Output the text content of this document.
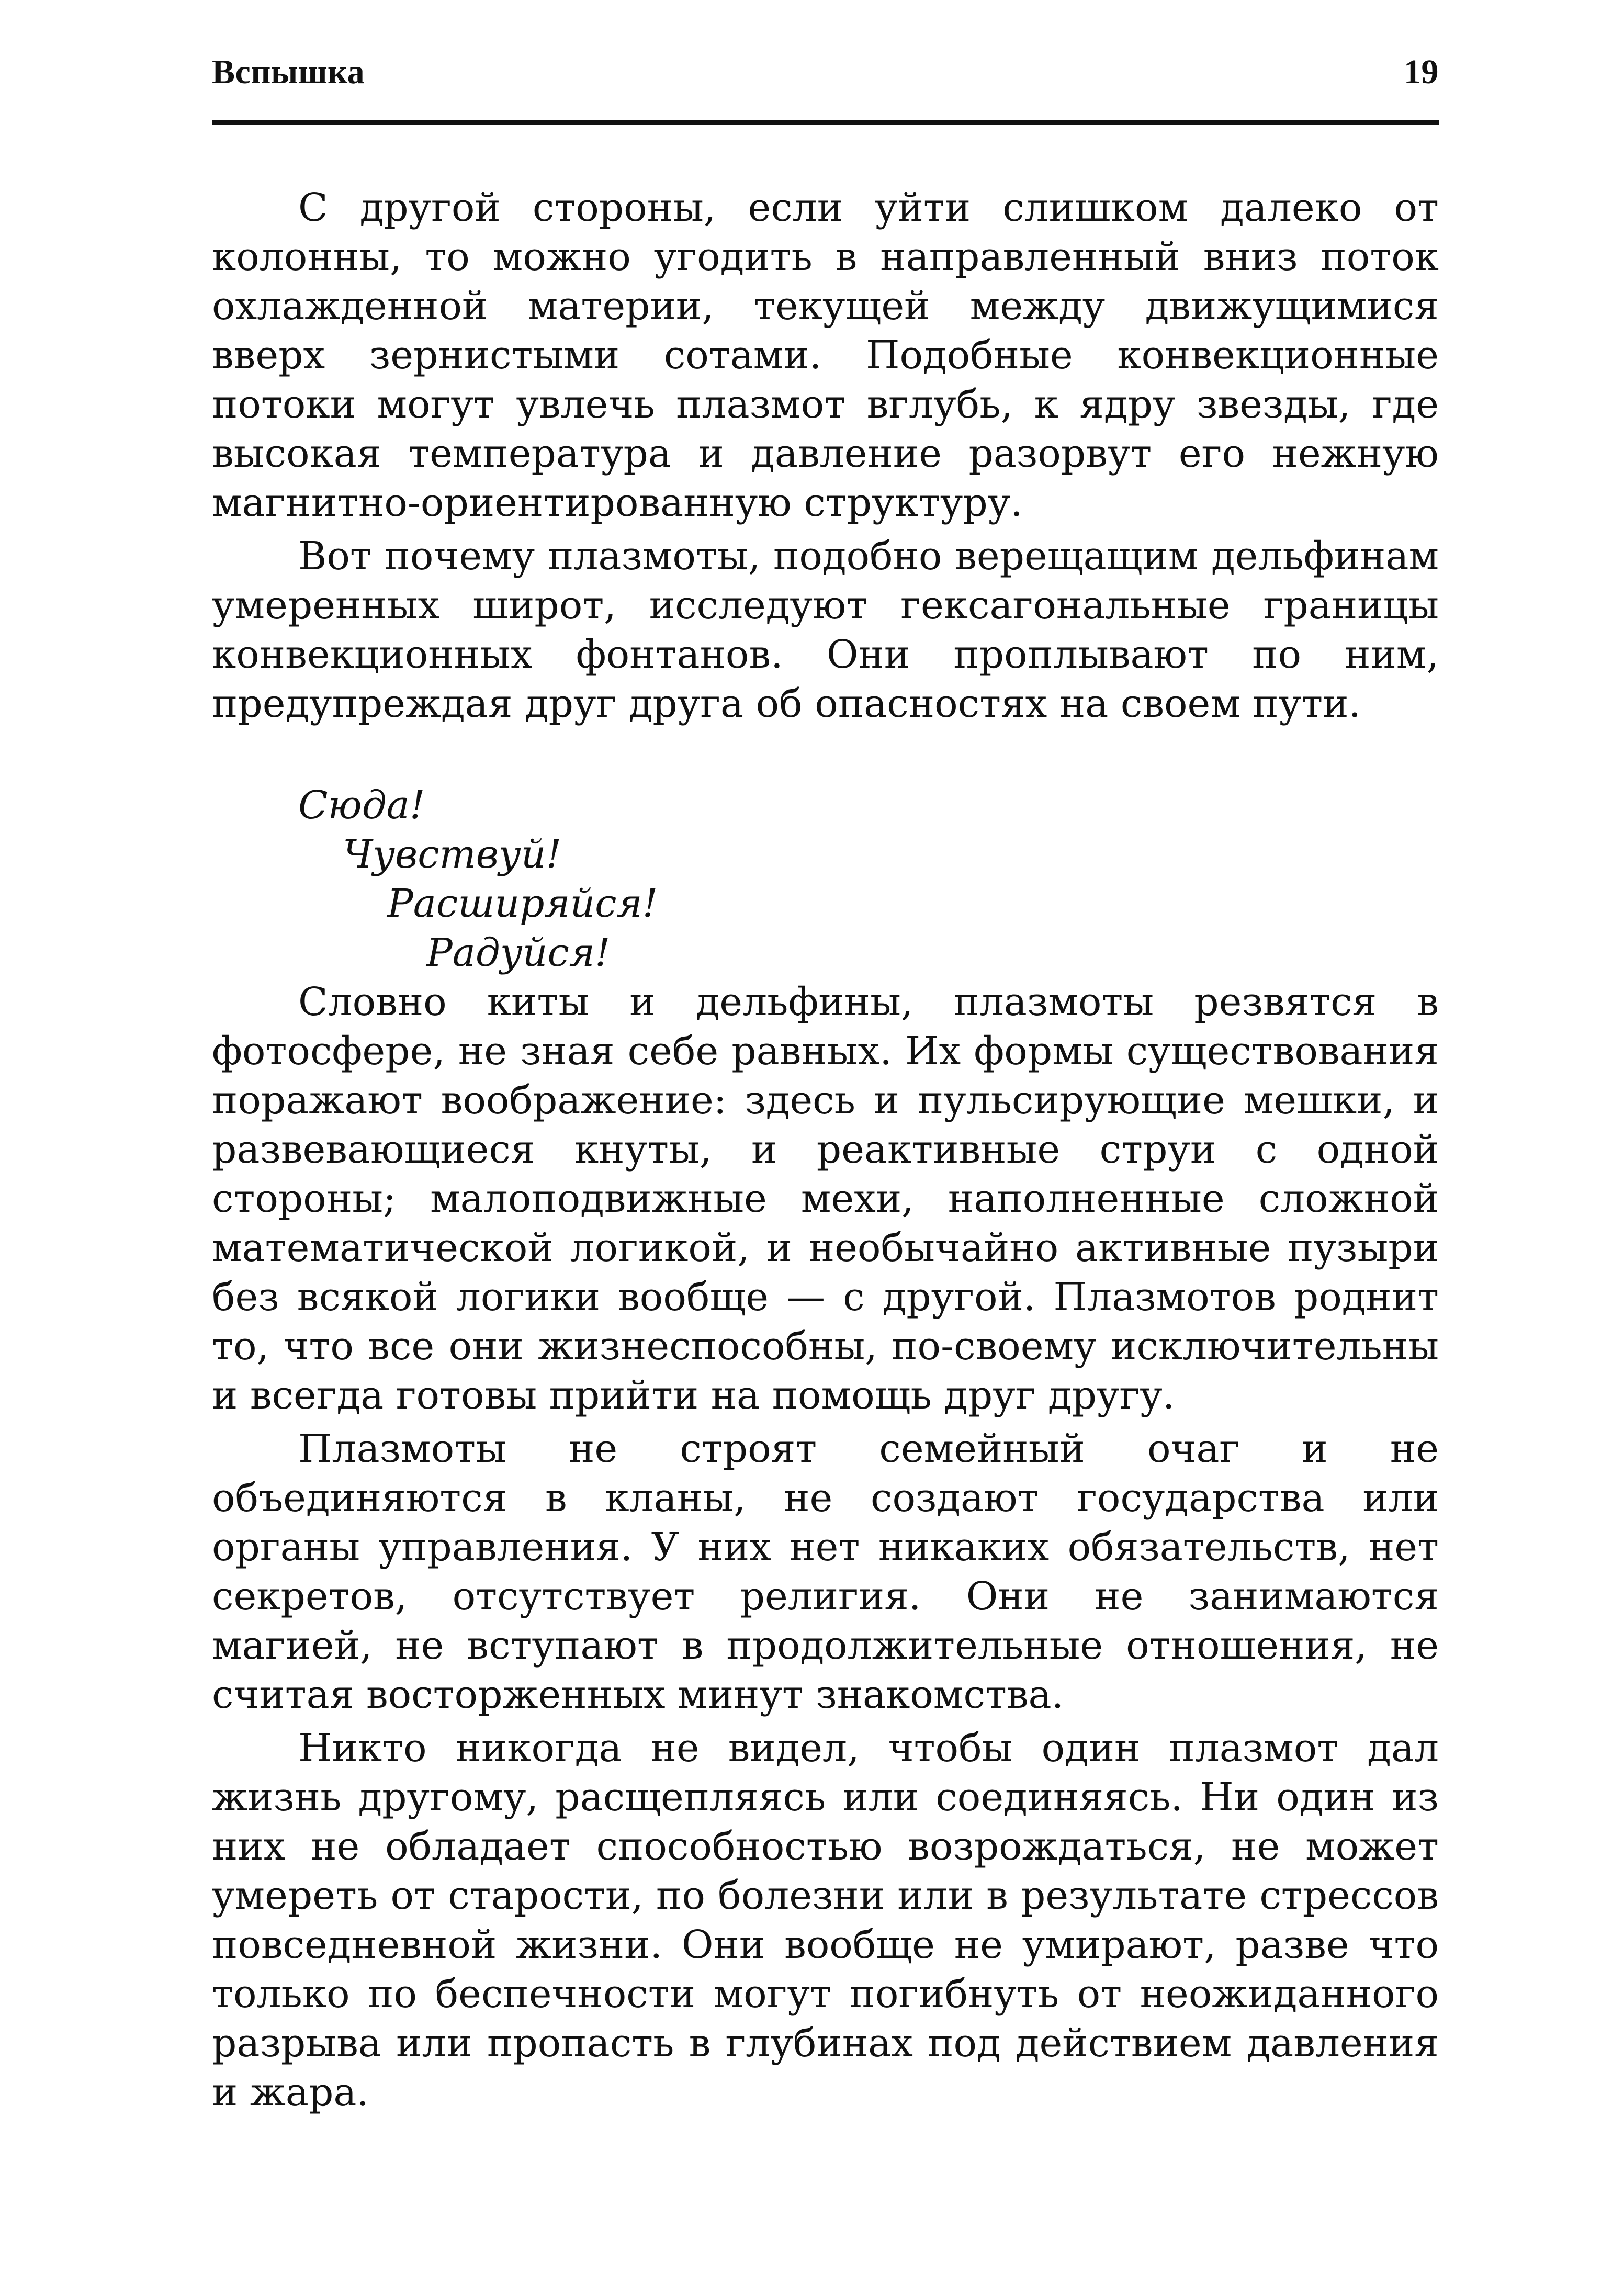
Вспышка	19

С другой стороны, если уйти слишком далеко от колонны, то можно угодить в направленный вниз поток охлажденной материи, текущей между движущимися вверх зернистыми сотами. Подобные конвекционные потоки могут увлечь плазмот вглубь, к ядру звезды, где высокая температура и давление разорвут его нежную магнитно-ориентированную структуру.

Вот почему плазмоты, подобно верещащим дельфинам умеренных широт, исследуют гексагональные границы конвекционных фонтанов. Они проплывают по ним, предупреждая друг друга об опасностях на своем пути.

Сюда!
Чувствуй!
Расширяйся!
Радуйся!

Словно киты и дельфины, плазмоты резвятся в фотосфере, не зная себе равных. Их формы существования поражают воображение: здесь и пульсирующие мешки, и развевающиеся кнуты, и реактивные струи с одной стороны; малоподвижные мехи, наполненные сложной математической логикой, и необычайно активные пузыри без всякой логики вообще — с другой. Плазмотов роднит то, что все они жизнеспособны, по-своему исключительны и всегда готовы прийти на помощь друг другу.

Плазмоты не строят семейный очаг и не объединяются в кланы, не создают государства или органы управления. У них нет никаких обязательств, нет секретов, отсутствует религия. Они не занимаются магией, не вступают в продолжительные отношения, не считая восторженных минут знакомства.

Никто никогда не видел, чтобы один плазмот дал жизнь другому, расщепляясь или соединяясь. Ни один из них не обладает способностью возрождаться, не может умереть от старости, по болезни или в результате стрессов повседневной жизни. Они вообще не умирают, разве что только по беспечности могут погибнуть от неожиданного разрыва или пропасть в глубинах под действием давления и жара.
